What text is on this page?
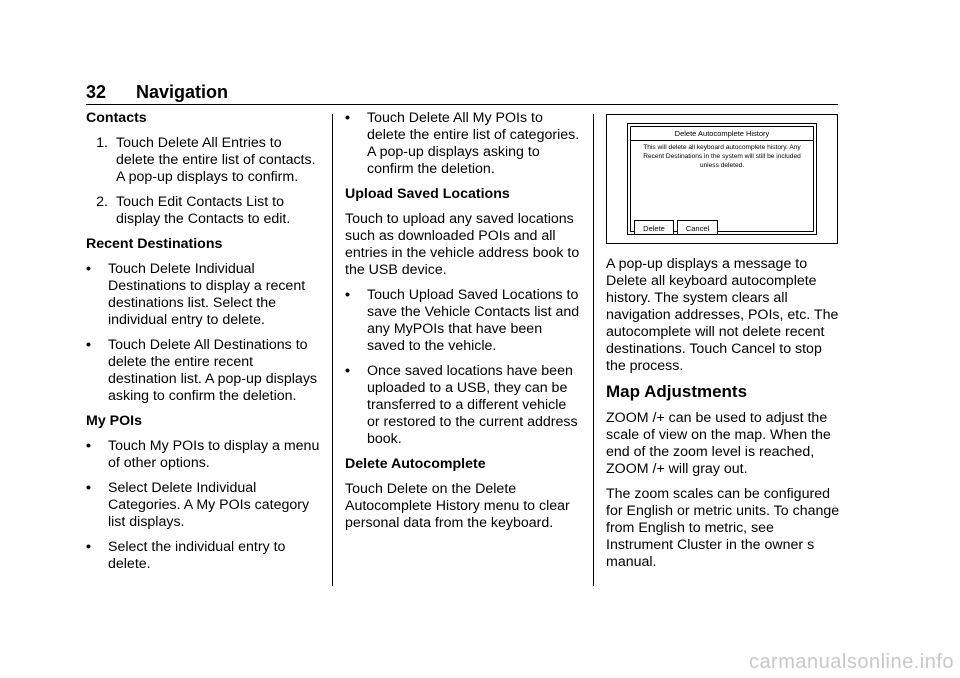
32 Navigation
Contacts
1. Touch Delete All Entries to delete the entire list of contacts. A pop-up displays to confirm.
2. Touch Edit Contacts List to display the Contacts to edit.
Recent Destinations
•	Touch Delete Individual Destinations to display a recent destinations list. Select the individual entry to delete.
•	Touch Delete All Destinations to delete the entire recent destination list. A pop-up displays asking to confirm the deletion.
My POIs
•	Touch My POIs to display a menu of other options.
•	Select Delete Individual Categories. A My POIs category list displays.
•	Select the individual entry to delete.
•	Touch Delete All My POIs to delete the entire list of categories. A pop-up displays asking to confirm the deletion.
Upload Saved Locations
Touch to upload any saved locations such as downloaded POIs and all entries in the vehicle address book to the USB device.
•	Touch Upload Saved Locations to save the Vehicle Contacts list and any MyPOIs that have been saved to the vehicle.
•	Once saved locations have been uploaded to a USB, they can be transferred to a different vehicle or restored to the current address book.
Delete Autocomplete
Touch Delete on the Delete Autocomplete History menu to clear personal data from the keyboard.
Delete Autocomplete History
This will delete all keyboard autocomplete history. Any Recent Destinations in the system will still be included unless deleted.
Delete	Cancel
A pop-up displays a message to Delete all keyboard autocomplete history. The system clears all navigation addresses, POIs, etc. The autocomplete will not delete recent destinations. Touch Cancel to stop the process.
Map Adjustments
ZOOM /+ can be used to adjust the scale of view on the map. When the end of the zoom level is reached, ZOOM /+ will gray out.
The zoom scales can be configured for English or metric units. To change from English to metric, see Instrument Cluster in the owner s manual.
carmanualsonline.info
